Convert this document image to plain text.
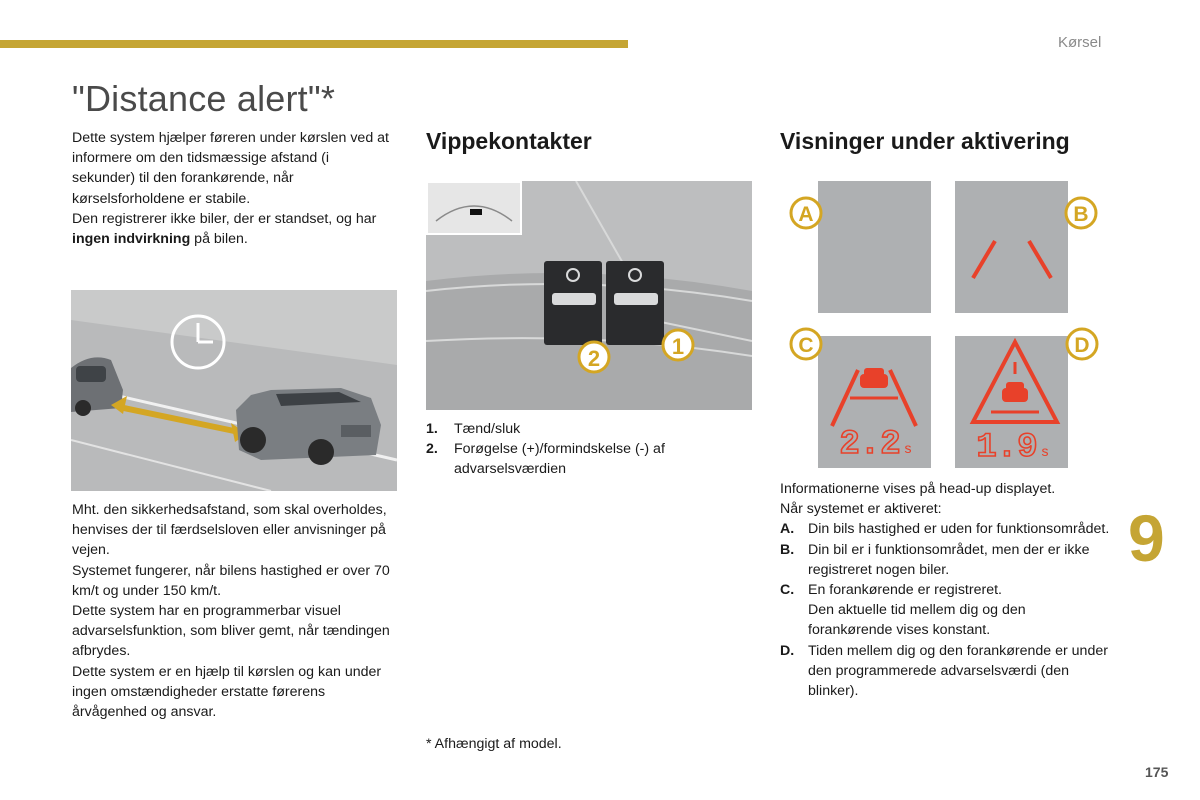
Kørsel
"Distance alert"*
9
175

Dette system hjælper føreren under kørslen ved at informere om den tidsmæssige afstand (i sekunder) til den forankørende, når kørselsforholdene er stabile.

Den registrerer ikke biler, der er standset, og har ingen indvirkning på bilen.

Mht. den sikkerhedsafstand, som skal overholdes, henvises der til færdselsloven eller anvisninger på vejen.

Systemet fungerer, når bilens hastighed er over 70 km/t og under 150 km/t.

Dette system har en programmerbar visuel advarselsfunktion, som bliver gemt, når tændingen afbrydes.

Dette system er en hjælp til kørslen og kan under ingen omstændigheder erstatte førerens årvågenhed og ansvar.

Vippekontakter
2	1
1.	Tænd/sluk
2.	Forøgelse (+)/formindskelse (-) af advarselsværdien
* Afhængigt af model.
Visninger under aktivering
A	B
2.2 s
C
1.9 s
D

Informationerne vises på head-up displayet.

Når systemet er aktiveret:

A. Din bils hastighed er uden for funktionsområdet.
B. Din bil er i funktionsområdet, men der er ikke registreret nogen biler.
C. En forankørende er registreret.
Den aktuelle tid mellem dig og den forankørende vises konstant.
D. Tiden mellem dig og den forankørende er under den programmerede advarselsværdi (den blinker).
